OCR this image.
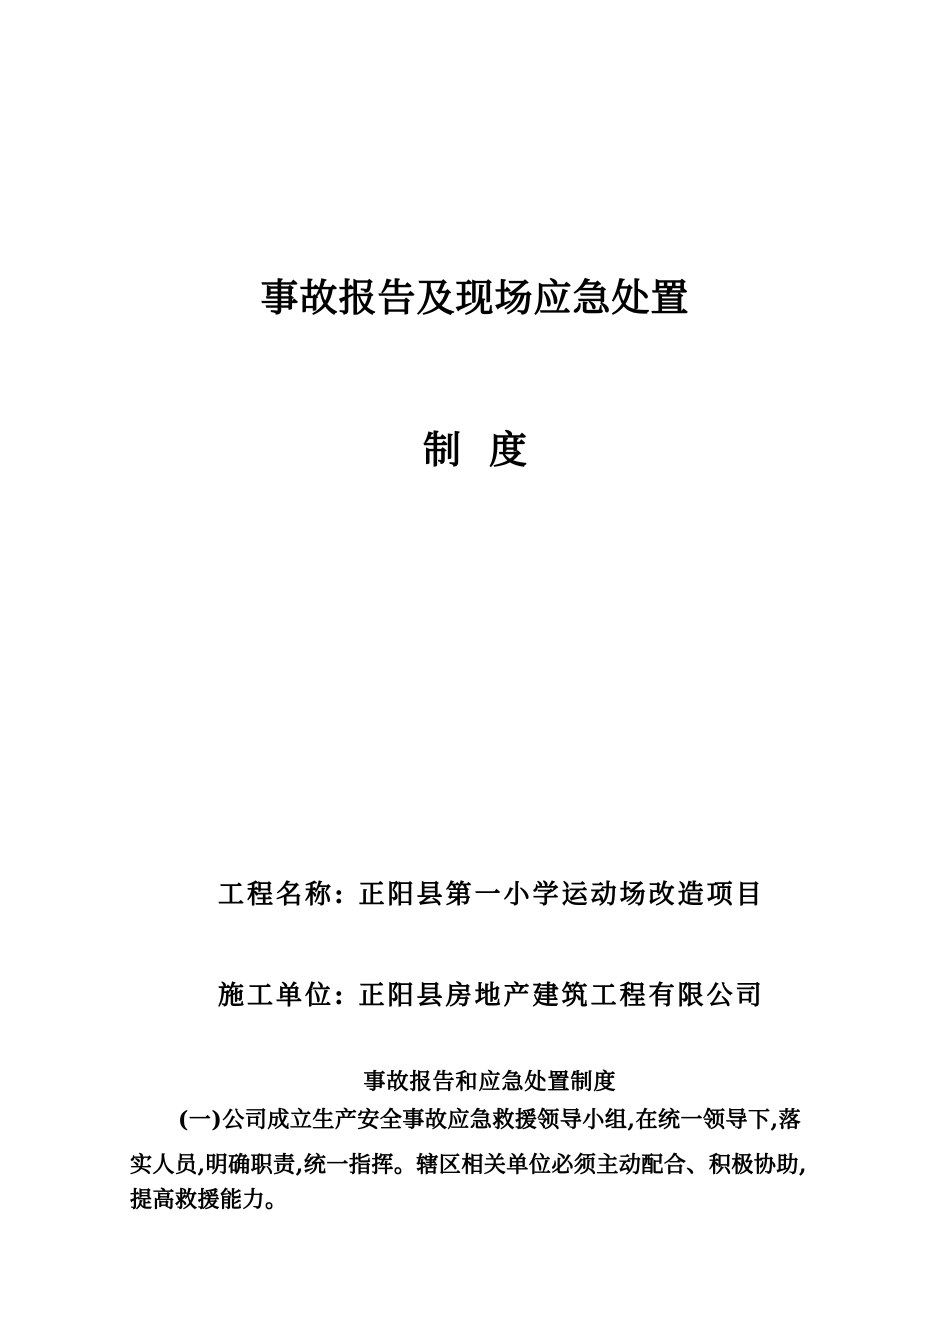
事故报告及现场应急处置
制度
工程名称: 正阳县第一小学运动场改造项目
施工单位: 正阳县房地产建筑工程有限公司
事故报告和应急处置制度
(一)公司成立生产安全事故应急救援领导小组,在统一领导下,落
实人员,明确职责,统一指挥。辖区相关单位必须主动配合、积极协助,
提高救援能力。
